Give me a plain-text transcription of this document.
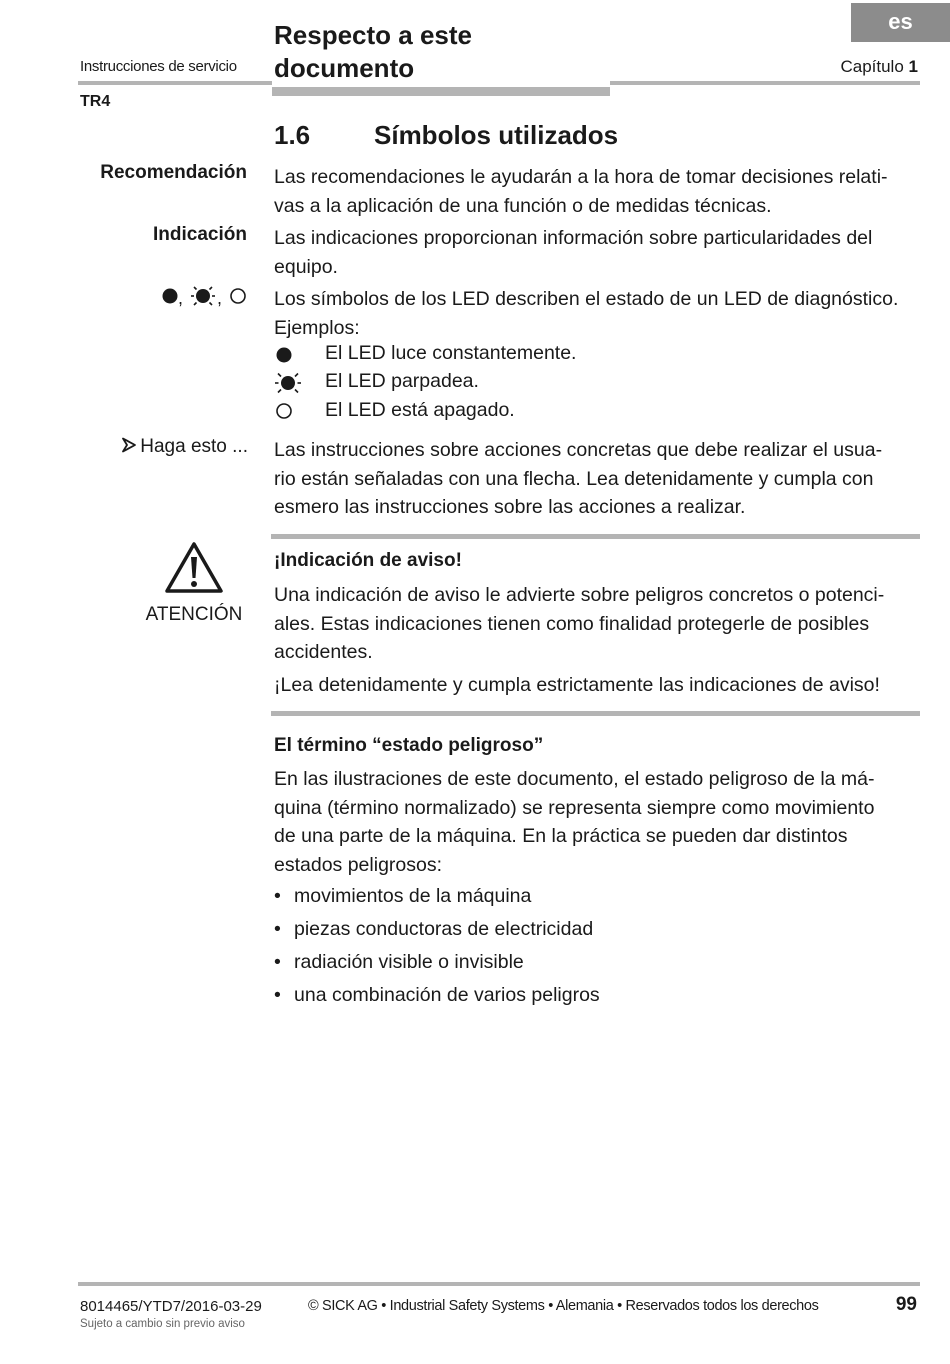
es
Instrucciones de servicio
Respecto a este
documento	Capítulo 1
TR4
1.6 Símbolos utilizados
Recomendación Las recomendaciones le ayudarán a la hora de tomar decisiones relati-
vas a la aplicación de una función o de medidas técnicas.
Indicación Las indicaciones proporcionan información sobre particularidades del
equipo.
, ,	Los símbolos de los LED describen el estado de un LED de diagnóstico.
Ejemplos:
El LED luce constantemente.
El LED parpadea.
El LED está apagado.
Haga esto ... Las instrucciones sobre acciones concretas que debe realizar el usua-
rio están señaladas con una flecha. Lea detenidamente y cumpla con
esmero las instrucciones sobre las acciones a realizar.
ATENCIÓN
¡Indicación de aviso!
Una indicación de aviso le advierte sobre peligros concretos o potenci-
ales. Estas indicaciones tienen como finalidad protegerle de posibles
accidentes.
¡Lea detenidamente y cumpla estrictamente las indicaciones de aviso!
El término “estado peligroso”
En las ilustraciones de este documento, el estado peligroso de la má-
quina (término normalizado) se representa siempre como movimiento
de una parte de la máquina. En la práctica se pueden dar distintos
estados peligrosos:
• movimientos de la máquina
• piezas conductoras de electricidad
• radiación visible o invisible
• una combinación de varios peligros
8014465/YTD7/2016-03-29	© SICK AG • Industrial Safety Systems • Alemania • Reservados todos los derechos	99
Sujeto a cambio sin previo aviso
